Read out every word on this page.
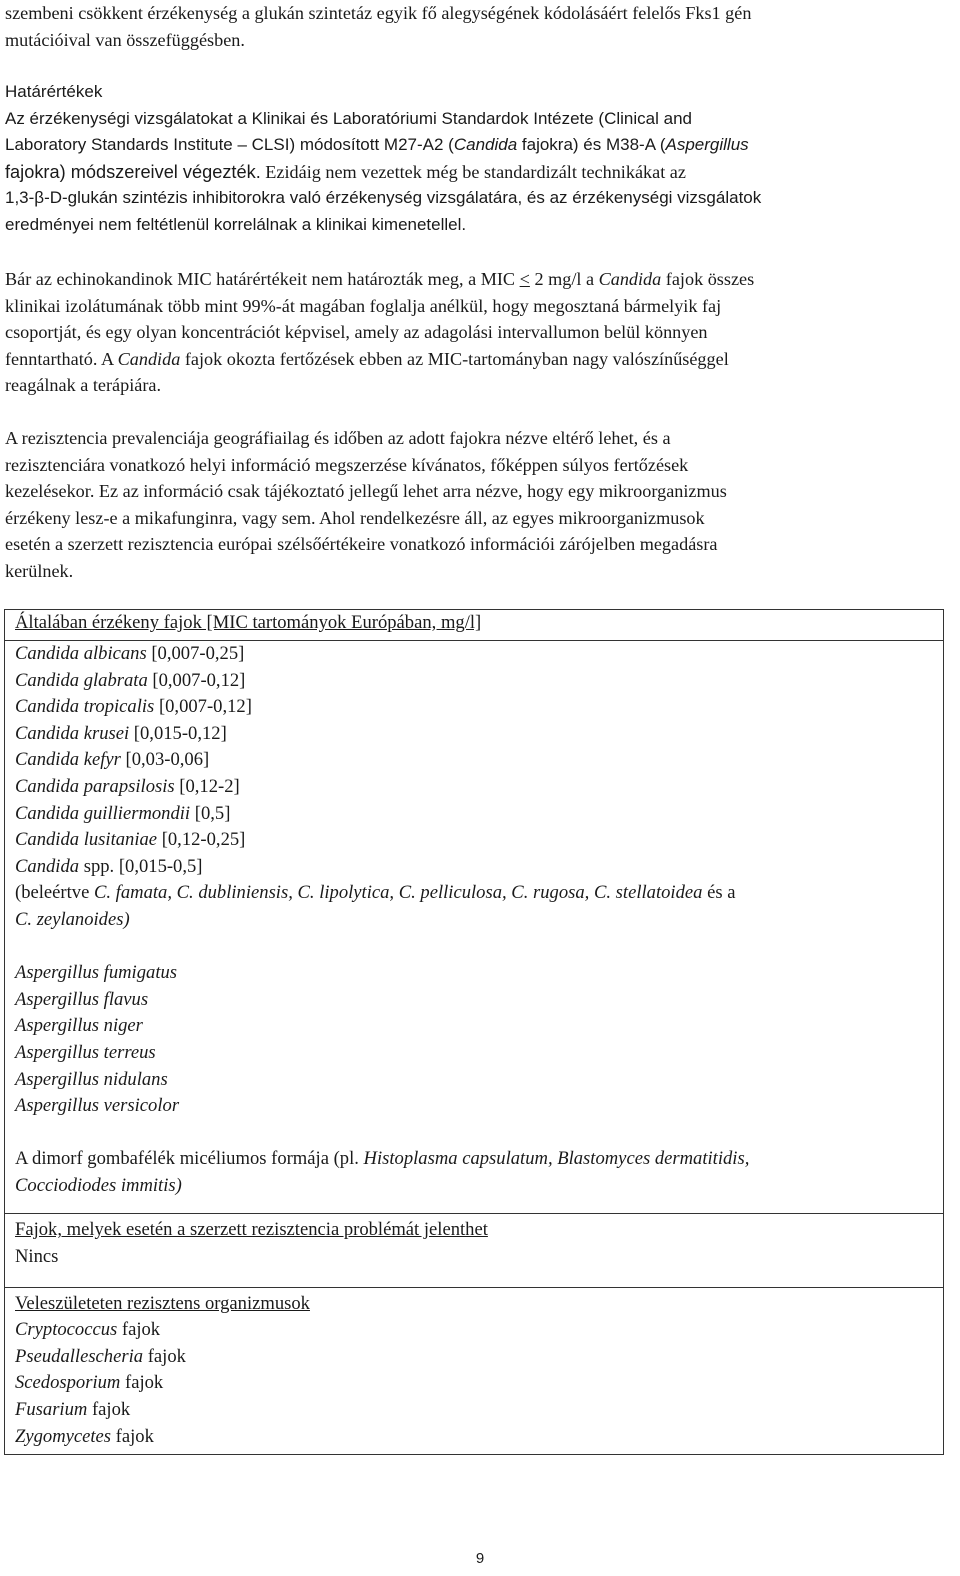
szembeni csökkent érzékenység a glukán szintetáz egyik fő alegységének kódolásáért felelős Fks1 gén
mutációival van összefüggésben.
Határértékek
Az érzékenységi vizsgálatokat a Klinikai és Laboratóriumi Standardok Intézete (Clinical and
Laboratory Standards Institute – CLSI) módosított M27-A2 (Candida fajokra) és M38-A (Aspergillus
fajokra) módszereivel végezték. Ezidáig nem vezettek még be standardizált technikákat az
1,3-β-D-glukán szintézis inhibitorokra való érzékenység vizsgálatára, és az érzékenységi vizsgálatok
eredményei nem feltétlenül korrelálnak a klinikai kimenetellel.
Bár az echinokandinok MIC határértékeit nem határozták meg, a MIC < 2 mg/l a Candida fajok összes
klinikai izolátumának több mint 99%-át magában foglalja anélkül, hogy megosztaná bármelyik faj
csoportját, és egy olyan koncentrációt képvisel, amely az adagolási intervallumon belül könnyen
fenntartható. A Candida fajok okozta fertőzések ebben az MIC-tartományban nagy valószínűséggel
reagálnak a terápiára.
A rezisztencia prevalenciája geográfiailag és időben az adott fajokra nézve eltérő lehet, és a
rezisztenciára vonatkozó helyi információ megszerzése kívánatos, főképpen súlyos fertőzések
kezelésekor. Ez az információ csak tájékoztató jellegű lehet arra nézve, hogy egy mikroorganizmus
érzékeny lesz-e a mikafunginra, vagy sem. Ahol rendelkezésre áll, az egyes mikroorganizmusok
esetén a szerzett rezisztencia európai szélsőértékeire vonatkozó információi zárójelben megadásra
kerülnek.
Általában érzékeny fajok [MIC tartományok Európában, mg/l]

Candida albicans [0,007-0,25]
Candida glabrata [0,007-0,12]
Candida tropicalis [0,007-0,12]
Candida krusei [0,015-0,12]
Candida kefyr [0,03-0,06]
Candida parapsilosis [0,12-2]
Candida guilliermondii [0,5]
Candida lusitaniae [0,12-0,25]
Candida spp. [0,015-0,5]
(beleértve C. famata, C. dubliniensis, C. lipolytica, C. pelliculosa, C. rugosa, C. stellatoidea és a
C. zeylanoides)
Aspergillus fumigatus
Aspergillus flavus
Aspergillus niger
Aspergillus terreus
Aspergillus nidulans
Aspergillus versicolor
A dimorf gombafélék micéliumos formája (pl. Histoplasma capsulatum, Blastomyces dermatitidis,
Cocciodiodes immitis)

Fajok, melyek esetén a szerzett rezisztencia problémát jelenthet
Nincs

Veleszületeten rezisztens organizmusok
Cryptococcus fajok
Pseudallescheria fajok
Scedosporium fajok
Fusarium fajok
Zygomycetes fajok
9
